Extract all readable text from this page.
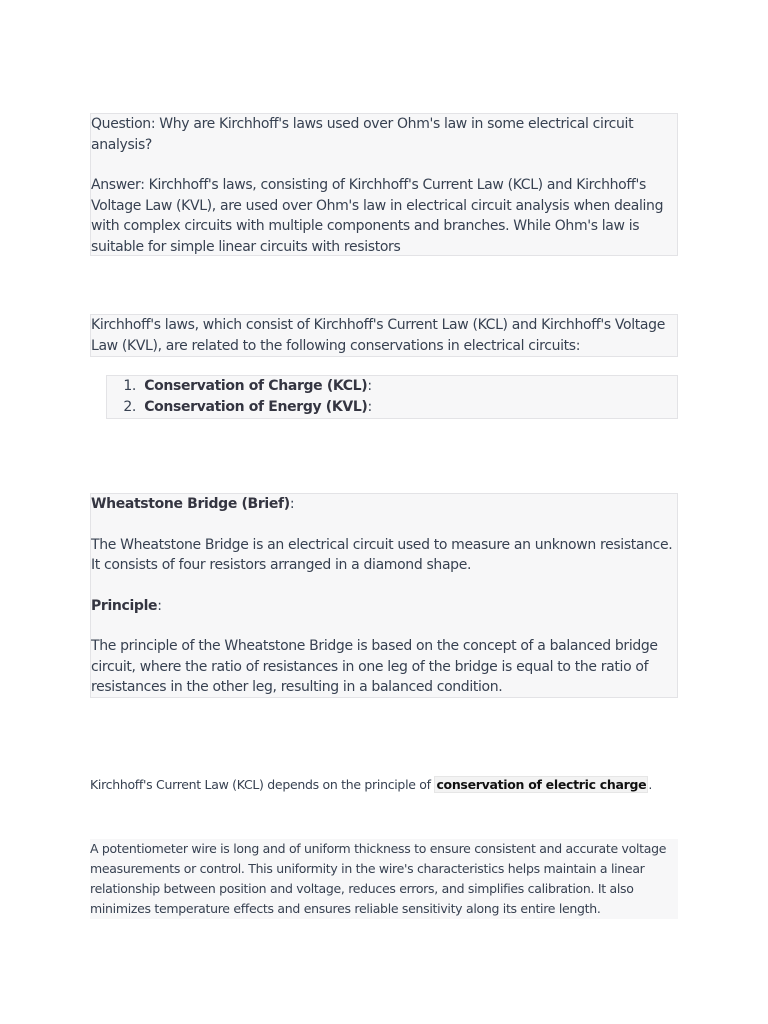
Question: Why are Kirchhoff's laws used over Ohm's law in some electrical circuit analysis?

Answer: Kirchhoff's laws, consisting of Kirchhoff's Current Law (KCL) and Kirchhoff's Voltage Law (KVL), are used over Ohm's law in electrical circuit analysis when dealing with complex circuits with multiple components and branches. While Ohm's law is suitable for simple linear circuits with resistors

Kirchhoff's laws, which consist of Kirchhoff's Current Law (KCL) and Kirchhoff's Voltage Law (KVL), are related to the following conservations in electrical circuits:

1.
Conservation of Charge (KCL):
2.
Conservation of Energy (KVL):

Wheatstone Bridge (Brief):

The Wheatstone Bridge is an electrical circuit used to measure an unknown resistance. It consists of four resistors arranged in a diamond shape.

Principle:

The principle of the Wheatstone Bridge is based on the concept of a balanced bridge circuit, where the ratio of resistances in one leg of the bridge is equal to the ratio of resistances in the other leg, resulting in a balanced condition.

Kirchhoff's Current Law (KCL) depends on the principle of conservation of electric charge .

A potentiometer wire is long and of uniform thickness to ensure consistent and accurate voltage measurements or control. This uniformity in the wire's characteristics helps maintain a linear relationship between position and voltage, reduces errors, and simplifies calibration. It also minimizes temperature effects and ensures reliable sensitivity along its entire length.
